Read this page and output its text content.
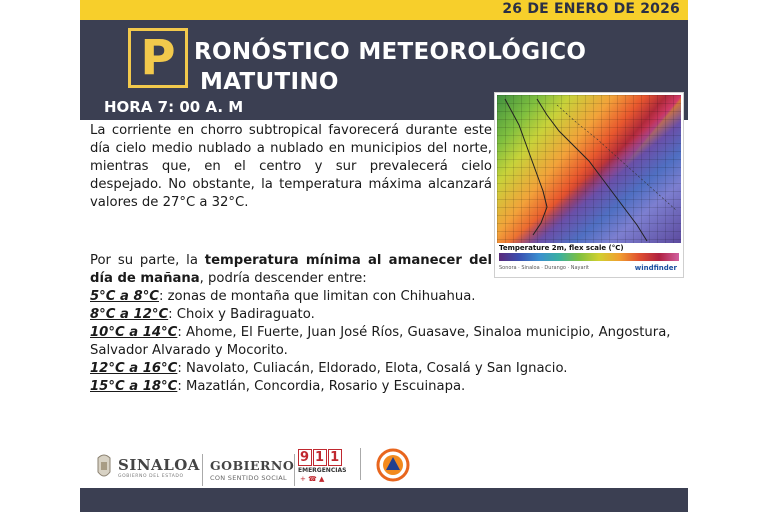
26 DE ENERO DE 2026
P RONÓSTICO METEOROLÓGICO
MATUTINO
HORA 7: 00 A. M
Temperature 2m, flex scale (°C)
Sonora · Sinaloa · Durango · Nayarit	windfinder
La corriente en chorro subtropical favorecerá durante este día cielo medio nublado a nublado en municipios del norte, mientras que, en el centro y sur prevalecerá cielo despejado. No obstante, la temperatura máxima alcanzará valores de 27°C a 32°C.
Por su parte, la temperatura mínima al amanecer del día de mañana, podría descender entre:
5°C a 8°C: zonas de montaña que limitan con Chihuahua.
8°C a 12°C: Choix y Badiraguato.
10°C a 14°C: Ahome, El Fuerte, Juan José Ríos, Guasave, Sinaloa municipio, Angostura, Salvador Alvarado y Mocorito.
12°C a 16°C: Navolato, Culiacán, Eldorado, Elota, Cosalá y San Ignacio.
15°C a 18°C: Mazatlán, Concordia, Rosario y Escuinapa.
SINALOA
GOBIERNO DEL ESTADO
GOBIERNO
CON SENTIDO SOCIAL
9 1 1
EMERGENCIAS
+ ☎ ▲
